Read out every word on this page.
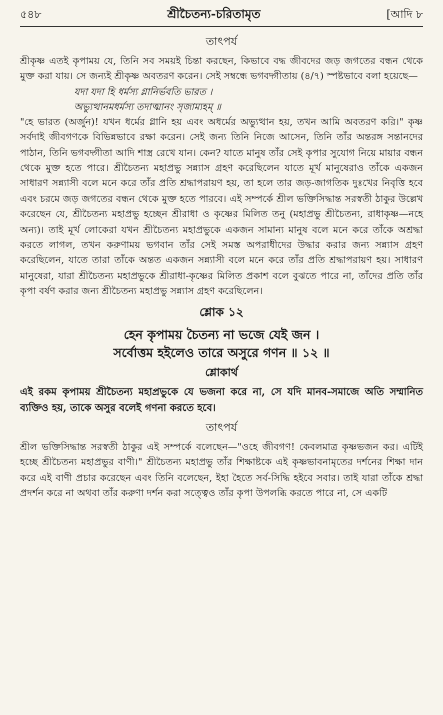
৫৪৮	শ্রীচৈতন্য-চরিতামৃত	[আদি ৮
তাৎপর্য

শ্রীকৃষ্ণ এতই কৃপাময় যে, তিনি সব সময়ই চিন্তা করছেন, কিভাবে বদ্ধ জীবদের জড় জগতের বন্ধন থেকে মুক্ত করা যায়। সে জন্যই শ্রীকৃষ্ণ অবতরণ করেন। সেই সম্বন্ধে ভগবদ্গীতায় (৪/৭) স্পষ্টভাবে বলা হয়েছে—

যদা যদা হি ধর্মস্য গ্লানির্ভবতি ভারত ।
অভ্যুত্থানমধর্মস্য তদাত্মানং সৃজাম্যহম্ ॥

"হে ভারত (অর্জুন)! যখন ধর্মের গ্লানি হয় এবং অধর্মের অভ্যুত্থান হয়, তখন আমি অবতরণ করি।" কৃষ্ণ সর্বদাই জীবগণকে বিভিন্নভাবে রক্ষা করেন। সেই জন্য তিনি নিজে আসেন, তিনি তাঁর অন্তরঙ্গ সন্তানদের পাঠান, তিনি ভগবদ্গীতা আদি শাস্ত্র রেখে যান। কেন? যাতে মানুষ তাঁর সেই কৃপার সুযোগ নিয়ে মায়ার বন্ধন থেকে মুক্ত হতে পারে। শ্রীচৈতন্য মহাপ্রভু সন্ন্যাস গ্রহণ করেছিলেন যাতে মূর্খ মানুষেরাও তাঁকে একজন সাধারণ সন্ন্যাসী বলে মনে করে তাঁর প্রতি শ্রদ্ধাপরায়ণ হয়, তা হলে তার জড়-জাগতিক দুঃখের নিবৃত্তি হবে এবং চরমে জড় জগতের বন্ধন থেকে মুক্ত হতে পারবে। এই সম্পর্কে শ্রীল ভক্তিসিদ্ধান্ত সরস্বতী ঠাকুর উল্লেখ করেছেন যে, শ্রীচৈতন্য মহাপ্রভু হচ্ছেন শ্রীরাধা ও কৃষ্ণের মিলিত তনু (মহাপ্রভু শ্রীচৈতন্য, রাধাকৃষ্ণ—নহে অন্য)। তাই মূর্খ লোকেরা যখন শ্রীচৈতন্য মহাপ্রভুকে একজন সামান্য মানুষ বলে মনে করে তাঁকে অশ্রদ্ধা করতে লাগল, তখন করুণাময় ভগবান তাঁর সেই সমস্ত অপরাধীদের উদ্ধার করার জন্য সন্ন্যাস গ্রহণ করেছিলেন, যাতে তারা তাঁকে অন্তত একজন সন্ন্যাসী বলে মনে করে তাঁর প্রতি শ্রদ্ধাপরায়ণ হয়। সাধারণ মানুষেরা, যারা শ্রীচৈতন্য মহাপ্রভুকে শ্রীরাধা-কৃষ্ণের মিলিত প্রকাশ বলে বুঝতে পারে না, তাঁদের প্রতি তাঁর কৃপা বর্ষণ করার জন্য শ্রীচৈতন্য মহাপ্রভু সন্ন্যাস গ্রহণ করেছিলেন।

শ্লোক ১২
হেন কৃপাময় চৈতন্য না ভজে যেই জন ।
সর্বোত্তম হইলেও তারে অসুরে গণন ॥ ১২ ॥
শ্লোকার্থ

এই রকম কৃপাময় শ্রীচৈতন্য মহাপ্রভুকে যে ভজনা করে না, সে যদি মানব-সমাজে অতি সম্মানিত ব্যক্তিও হয়, তাকে অসুর বলেই গণনা করতে হবে।

তাৎপর্য

শ্রীল ভক্তিসিদ্ধান্ত সরস্বতী ঠাকুর এই সম্পর্কে বলেছেন—"ওহে জীবগণ! কেবলমাত্র কৃষ্ণভজন কর। এটিই হচ্ছে শ্রীচৈতন্য মহাপ্রভুর বাণী।" শ্রীচৈতন্য মহাপ্রভু তাঁর শিক্ষাষ্টকে এই কৃষ্ণভাবনামৃতের দর্শনের শিক্ষা দান করে এই বাণী প্রচার করেছেন এবং তিনি বলেছেন, ইহা হৈতে সর্ব-সিদ্ধি হইবে সবার। তাই যারা তাঁকে শ্রদ্ধা প্রদর্শন করে না অথবা তাঁর করুণা দর্শন করা সত্ত্বেও তাঁর কৃপা উপলব্ধি করতে পারে না, সে একটি
